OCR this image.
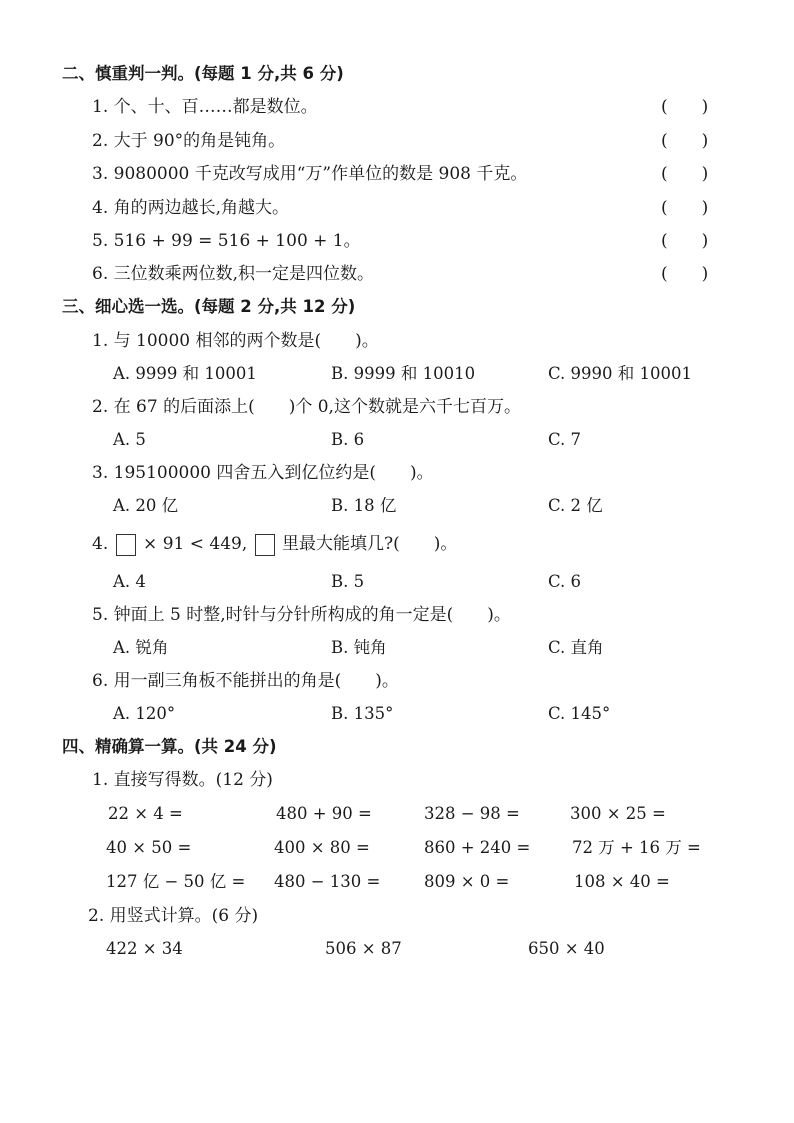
二、慎重判一判。(每题 1 分,共 6 分)
1. 个、十、百……都是数位。	(　　)
2. 大于 90°的角是钝角。	(　　)
3. 9080000 千克改写成用“万”作单位的数是 908 千克。	(　　)
4. 角的两边越长,角越大。	(　　)
5. 516 + 99 = 516 + 100 + 1。	(　　)
6. 三位数乘两位数,积一定是四位数。	(　　)
三、细心选一选。(每题 2 分,共 12 分)
1. 与 10000 相邻的两个数是(　　)。
A. 9999 和 10001	B. 9999 和 10010	C. 9990 和 10001
2. 在 67 的后面添上(　　)个 0,这个数就是六千七百万。
A. 5	B. 6	C. 7
3. 195100000 四舍五入到亿位约是(　　)。
A. 20 亿	B. 18 亿	C. 2 亿
4. × 91 < 449, 里最大能填几?(　　)。
A. 4	B. 5	C. 6
5. 钟面上 5 时整,时针与分针所构成的角一定是(　　)。
A. 锐角	B. 钝角	C. 直角
6. 用一副三角板不能拼出的角是(　　)。
A. 120°	B. 135°	C. 145°
四、精确算一算。(共 24 分)
1. 直接写得数。(12 分)
22 × 4 =	480 + 90 =	328 − 98 =	300 × 25 =
40 × 50 =	400 × 80 =	860 + 240 =	72 万 + 16 万 =
127 亿 − 50 亿 = 480 − 130 =	809 × 0 =	108 × 40 =
2. 用竖式计算。(6 分)
422 × 34	506 × 87	650 × 40
